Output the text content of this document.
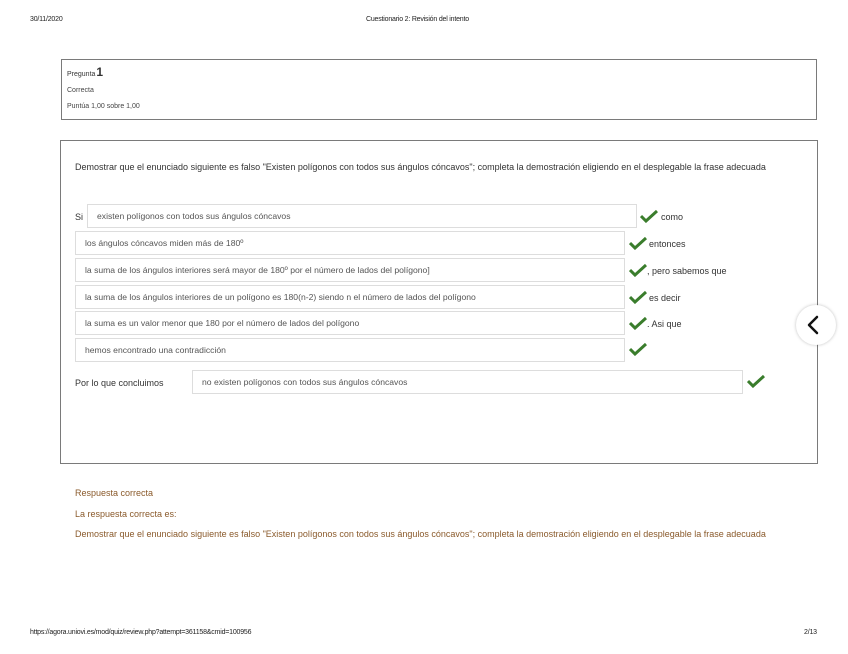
30/11/2020	Cuestionario 2: Revisión del intento
Pregunta1
Correcta
Puntúa 1,00 sobre 1,00
Demostrar que el enunciado siguiente es falso "Existen polígonos con todos sus ángulos cóncavos"; completa la demostración eligiendo en el desplegable la frase adecuada
Si	existen polígonos con todos sus ángulos cóncavos	como
los ángulos cóncavos miden más de 180º	entonces
la suma de los ángulos interiores será mayor de 180º por el número de lados del polígono]	, pero sabemos que
la suma de los ángulos interiores de un polígono es 180(n-2) siendo n el número de lados del polígono	es decir
la suma es un valor menor que 180 por el número de lados del polígono	. Asi que
hemos encontrado una contradicción
Por lo que concluimos	no existen polígonos con todos sus ángulos cóncavos
Respuesta correcta
La respuesta correcta es:
Demostrar que el enunciado siguiente es falso "Existen polígonos con todos sus ángulos cóncavos"; completa la demostración eligiendo en el desplegable la frase adecuada
https://agora.uniovi.es/mod/quiz/review.php?attempt=361158&cmid=100956	2/13
